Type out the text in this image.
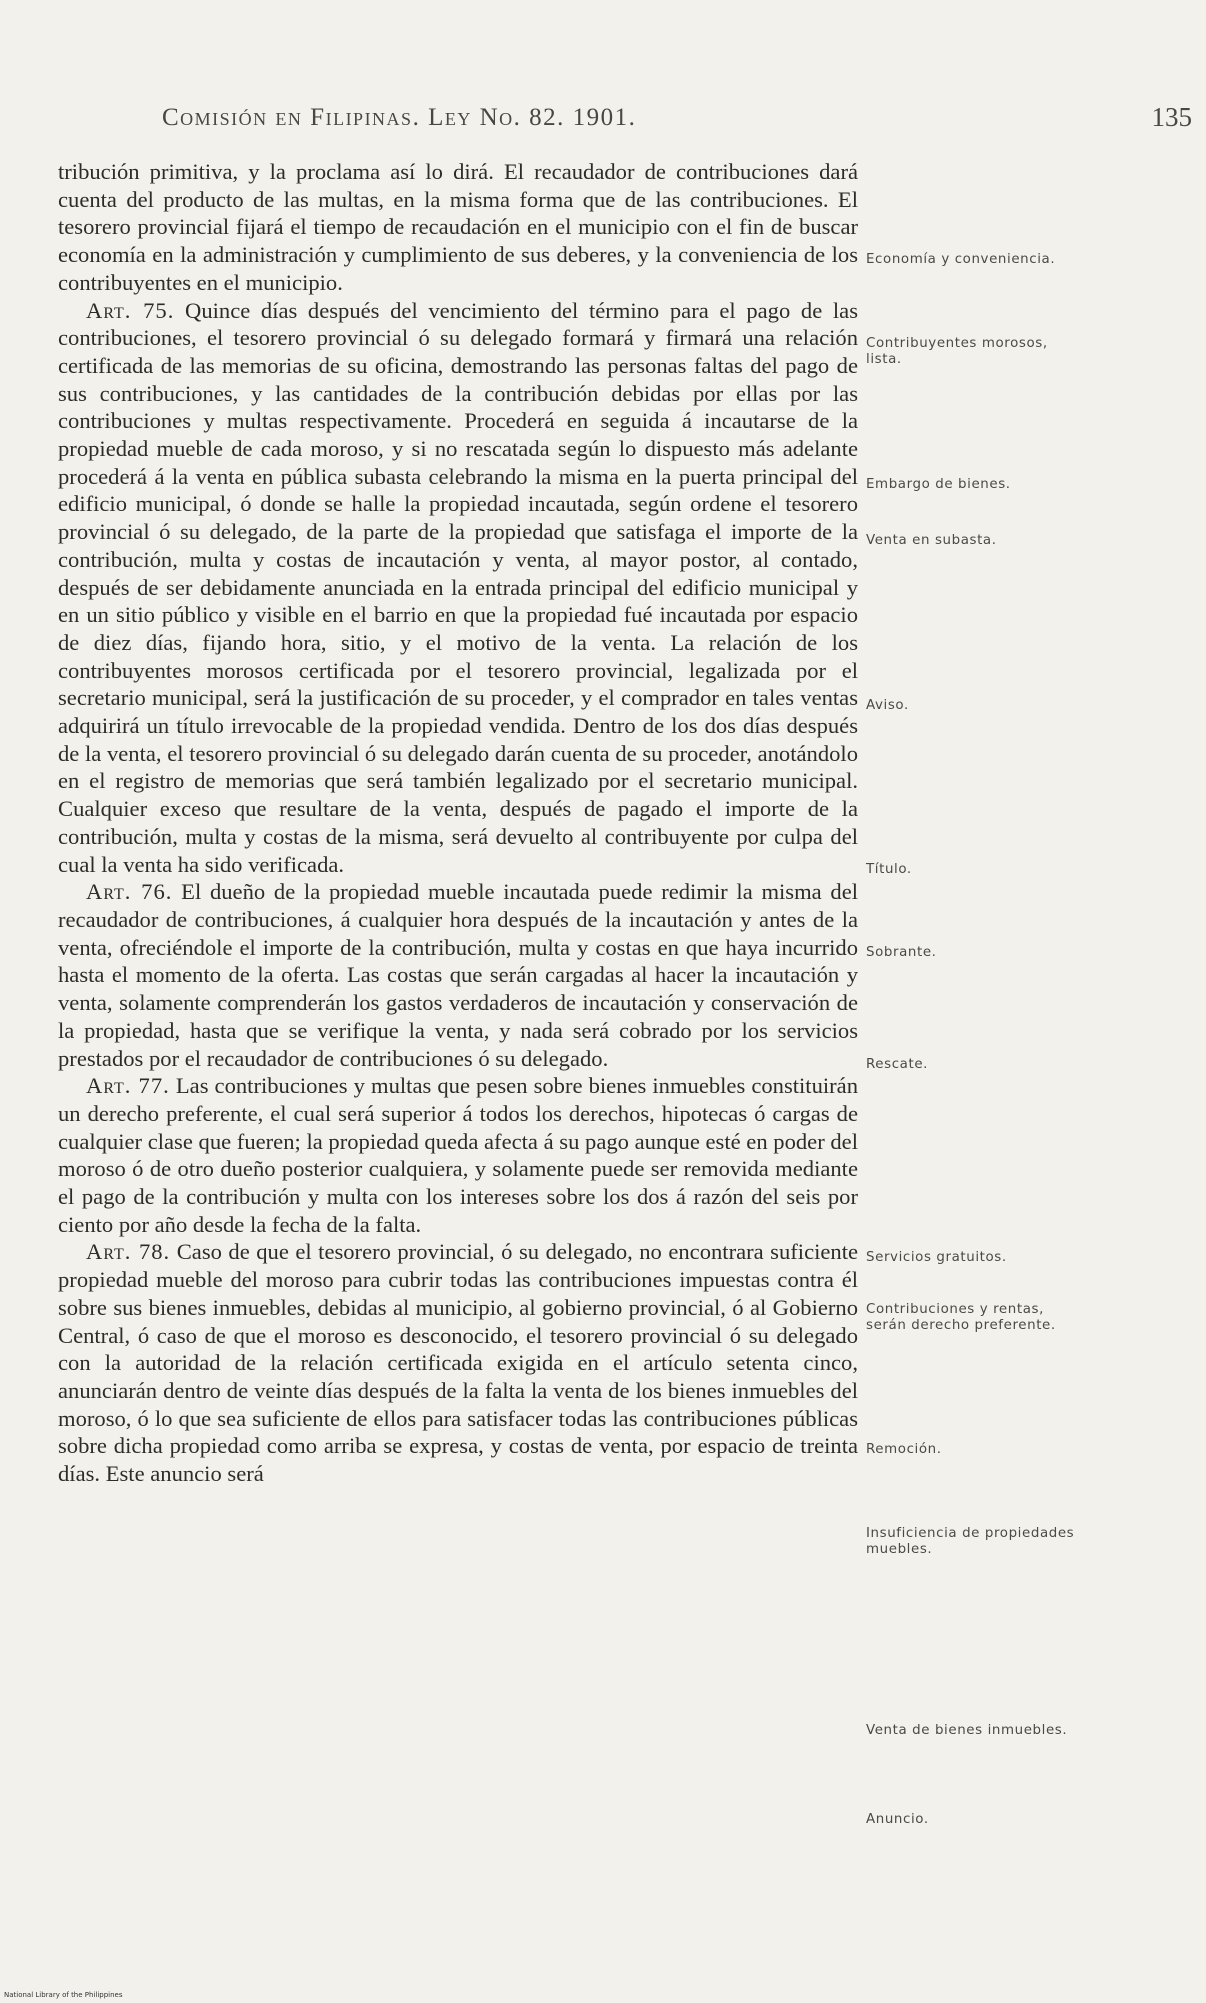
Comisión en Filipinas. Ley No. 82. 1901.	135

tribución primitiva, y la proclama así lo dirá. El recaudador de contribuciones dará cuenta del producto de las multas, en la misma forma que de las contribuciones. El tesorero provincial fijará el tiempo de recaudación en el municipio con el fin de buscar economía en la administración y cumplimiento de sus deberes, y la conveniencia de los contribuyentes en el municipio.

Art. 75. Quince días después del vencimiento del término para el pago de las contribuciones, el tesorero provincial ó su delegado formará y firmará una relación certificada de las memorias de su oficina, demostrando las personas faltas del pago de sus contribuciones, y las cantidades de la contribución debidas por ellas por las contribuciones y multas respectivamente. Procederá en seguida á incautarse de la propiedad mueble de cada moroso, y si no rescatada según lo dispuesto más adelante procederá á la venta en pública subasta celebrando la misma en la puerta principal del edificio municipal, ó donde se halle la propiedad incautada, según ordene el tesorero provincial ó su delegado, de la parte de la propiedad que satisfaga el importe de la contribución, multa y costas de incautación y venta, al mayor postor, al contado, después de ser debidamente anunciada en la entrada principal del edificio municipal y en un sitio público y visible en el barrio en que la propiedad fué incautada por espacio de diez días, fijando hora, sitio, y el motivo de la venta. La relación de los contribuyentes morosos certificada por el tesorero provincial, legalizada por el secretario municipal, será la justificación de su proceder, y el comprador en tales ventas adquirirá un título irrevocable de la propiedad vendida. Dentro de los dos días después de la venta, el tesorero provincial ó su delegado darán cuenta de su proceder, anotándolo en el registro de memorias que será también legalizado por el secretario municipal. Cualquier exceso que resultare de la venta, después de pagado el importe de la contribución, multa y costas de la misma, será devuelto al contribuyente por culpa del cual la venta ha sido verificada.

Art. 76. El dueño de la propiedad mueble incautada puede redimir la misma del recaudador de contribuciones, á cualquier hora después de la incautación y antes de la venta, ofreciéndole el importe de la contribución, multa y costas en que haya incurrido hasta el momento de la oferta. Las costas que serán cargadas al hacer la incautación y venta, solamente comprenderán los gastos verdaderos de incautación y conservación de la propiedad, hasta que se verifique la venta, y nada será cobrado por los servicios prestados por el recaudador de contribuciones ó su delegado.

Art. 77. Las contribuciones y multas que pesen sobre bienes inmuebles constituirán un derecho preferente, el cual será superior á todos los derechos, hipotecas ó cargas de cualquier clase que fueren; la propiedad queda afecta á su pago aunque esté en poder del moroso ó de otro dueño posterior cualquiera, y solamente puede ser removida mediante el pago de la contribución y multa con los intereses sobre los dos á razón del seis por ciento por año desde la fecha de la falta.

Art. 78. Caso de que el tesorero provincial, ó su delegado, no encontrara suficiente propiedad mueble del moroso para cubrir todas las contribuciones impuestas contra él sobre sus bienes inmuebles, debidas al municipio, al gobierno provincial, ó al Gobierno Central, ó caso de que el moroso es desconocido, el tesorero provincial ó su delegado con la autoridad de la relación certificada exigida en el artículo setenta cinco, anunciarán dentro de veinte días después de la falta la venta de los bienes inmuebles del moroso, ó lo que sea suficiente de ellos para satisfacer todas las contribuciones públicas sobre dicha propiedad como arriba se expresa, y costas de venta, por espacio de treinta días. Este anuncio será

Economía y conveniencia.
Contribuyentes morosos, lista.
Embargo de bienes.
Venta en subasta.
Aviso.
Título.
Sobrante.
Rescate.
Servicios gratuitos.
Contribuciones y rentas, serán derecho preferente.
Remoción.
Insuficiencia de propiedades muebles.
Venta de bienes inmuebles.
Anuncio.
National Library of the Philippines
